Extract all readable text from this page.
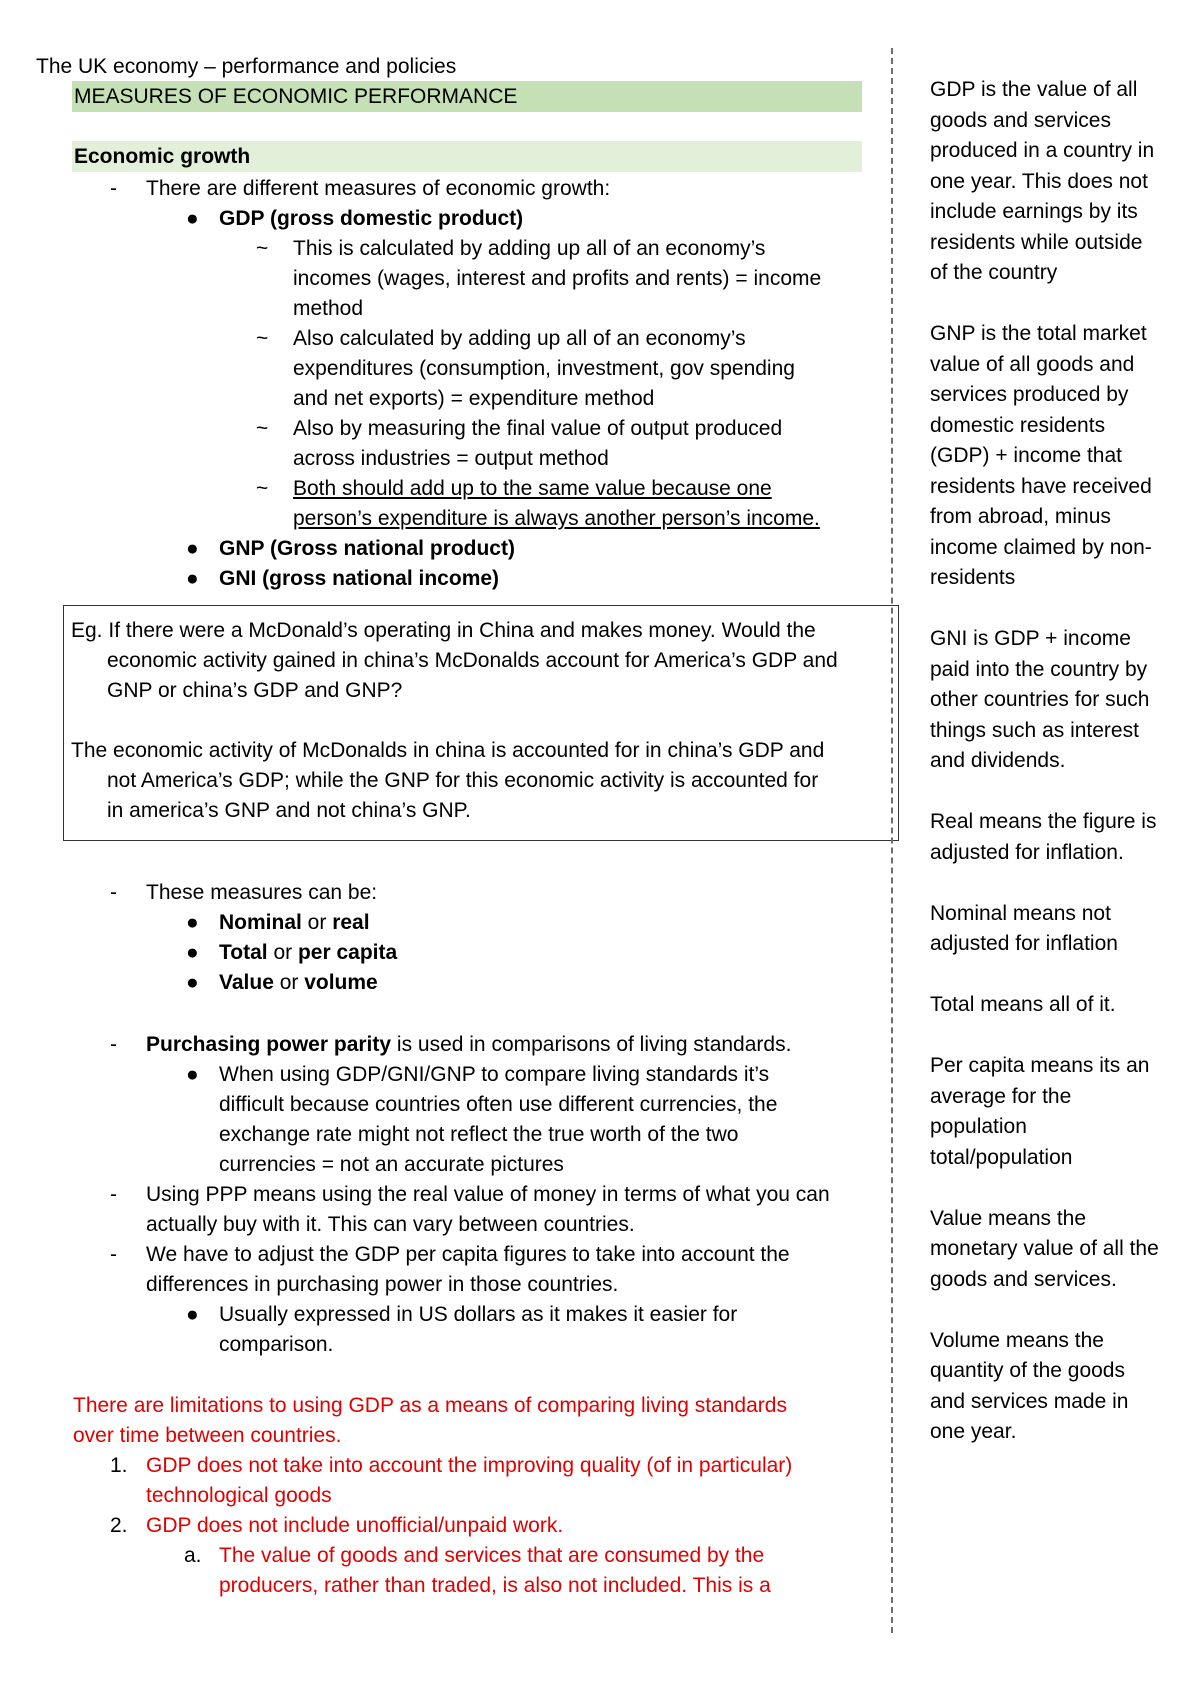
The UK economy – performance and policies
MEASURES OF ECONOMIC PERFORMANCE
Economic growth
- There are different measures of economic growth:
● GDP (gross domestic product)
~ This is calculated by adding up all of an economy’s
incomes (wages, interest and profits and rents) = income
method
~ Also calculated by adding up all of an economy’s
expenditures (consumption, investment, gov spending
and net exports) = expenditure method
~ Also by measuring the final value of output produced
across industries = output method
~ Both should add up to the same value because one
person’s expenditure is always another person’s income.
● GNP (Gross national product)
● GNI (gross national income)
Eg. If there were a McDonald’s operating in China and makes money. Would the
economic activity gained in china’s McDonalds account for America’s GDP and
GNP or china’s GDP and GNP?
The economic activity of McDonalds in china is accounted for in china’s GDP and
not America’s GDP; while the GNP for this economic activity is accounted for
in america’s GNP and not china’s GNP.
- These measures can be:
● Nominal or real
● Total or per capita
● Value or volume
- Purchasing power parity is used in comparisons of living standards.
● When using GDP/GNI/GNP to compare living standards it’s
difficult because countries often use different currencies, the
exchange rate might not reflect the true worth of the two
currencies = not an accurate pictures
- Using PPP means using the real value of money in terms of what you can
actually buy with it. This can vary between countries.
- We have to adjust the GDP per capita figures to take into account the
differences in purchasing power in those countries.
● Usually expressed in US dollars as it makes it easier for
comparison.
There are limitations to using GDP as a means of comparing living standards
over time between countries.
1. GDP does not take into account the improving quality (of in particular)
technological goods
2. GDP does not include unofficial/unpaid work.
a. The value of goods and services that are consumed by the
producers, rather than traded, is also not included. This is a
GDP is the value of all
goods and services
produced in a country in
one year. This does not
include earnings by its
residents while outside
of the country
GNP is the total market
value of all goods and
services produced by
domestic residents
(GDP) + income that
residents have received
from abroad, minus
income claimed by non-
residents
GNI is GDP + income
paid into the country by
other countries for such
things such as interest
and dividends.
Real means the figure is
adjusted for inflation.
Nominal means not
adjusted for inflation
Total means all of it.
Per capita means its an
average for the
population
total/population
Value means the
monetary value of all the
goods and services.
Volume means the
quantity of the goods
and services made in
one year.
